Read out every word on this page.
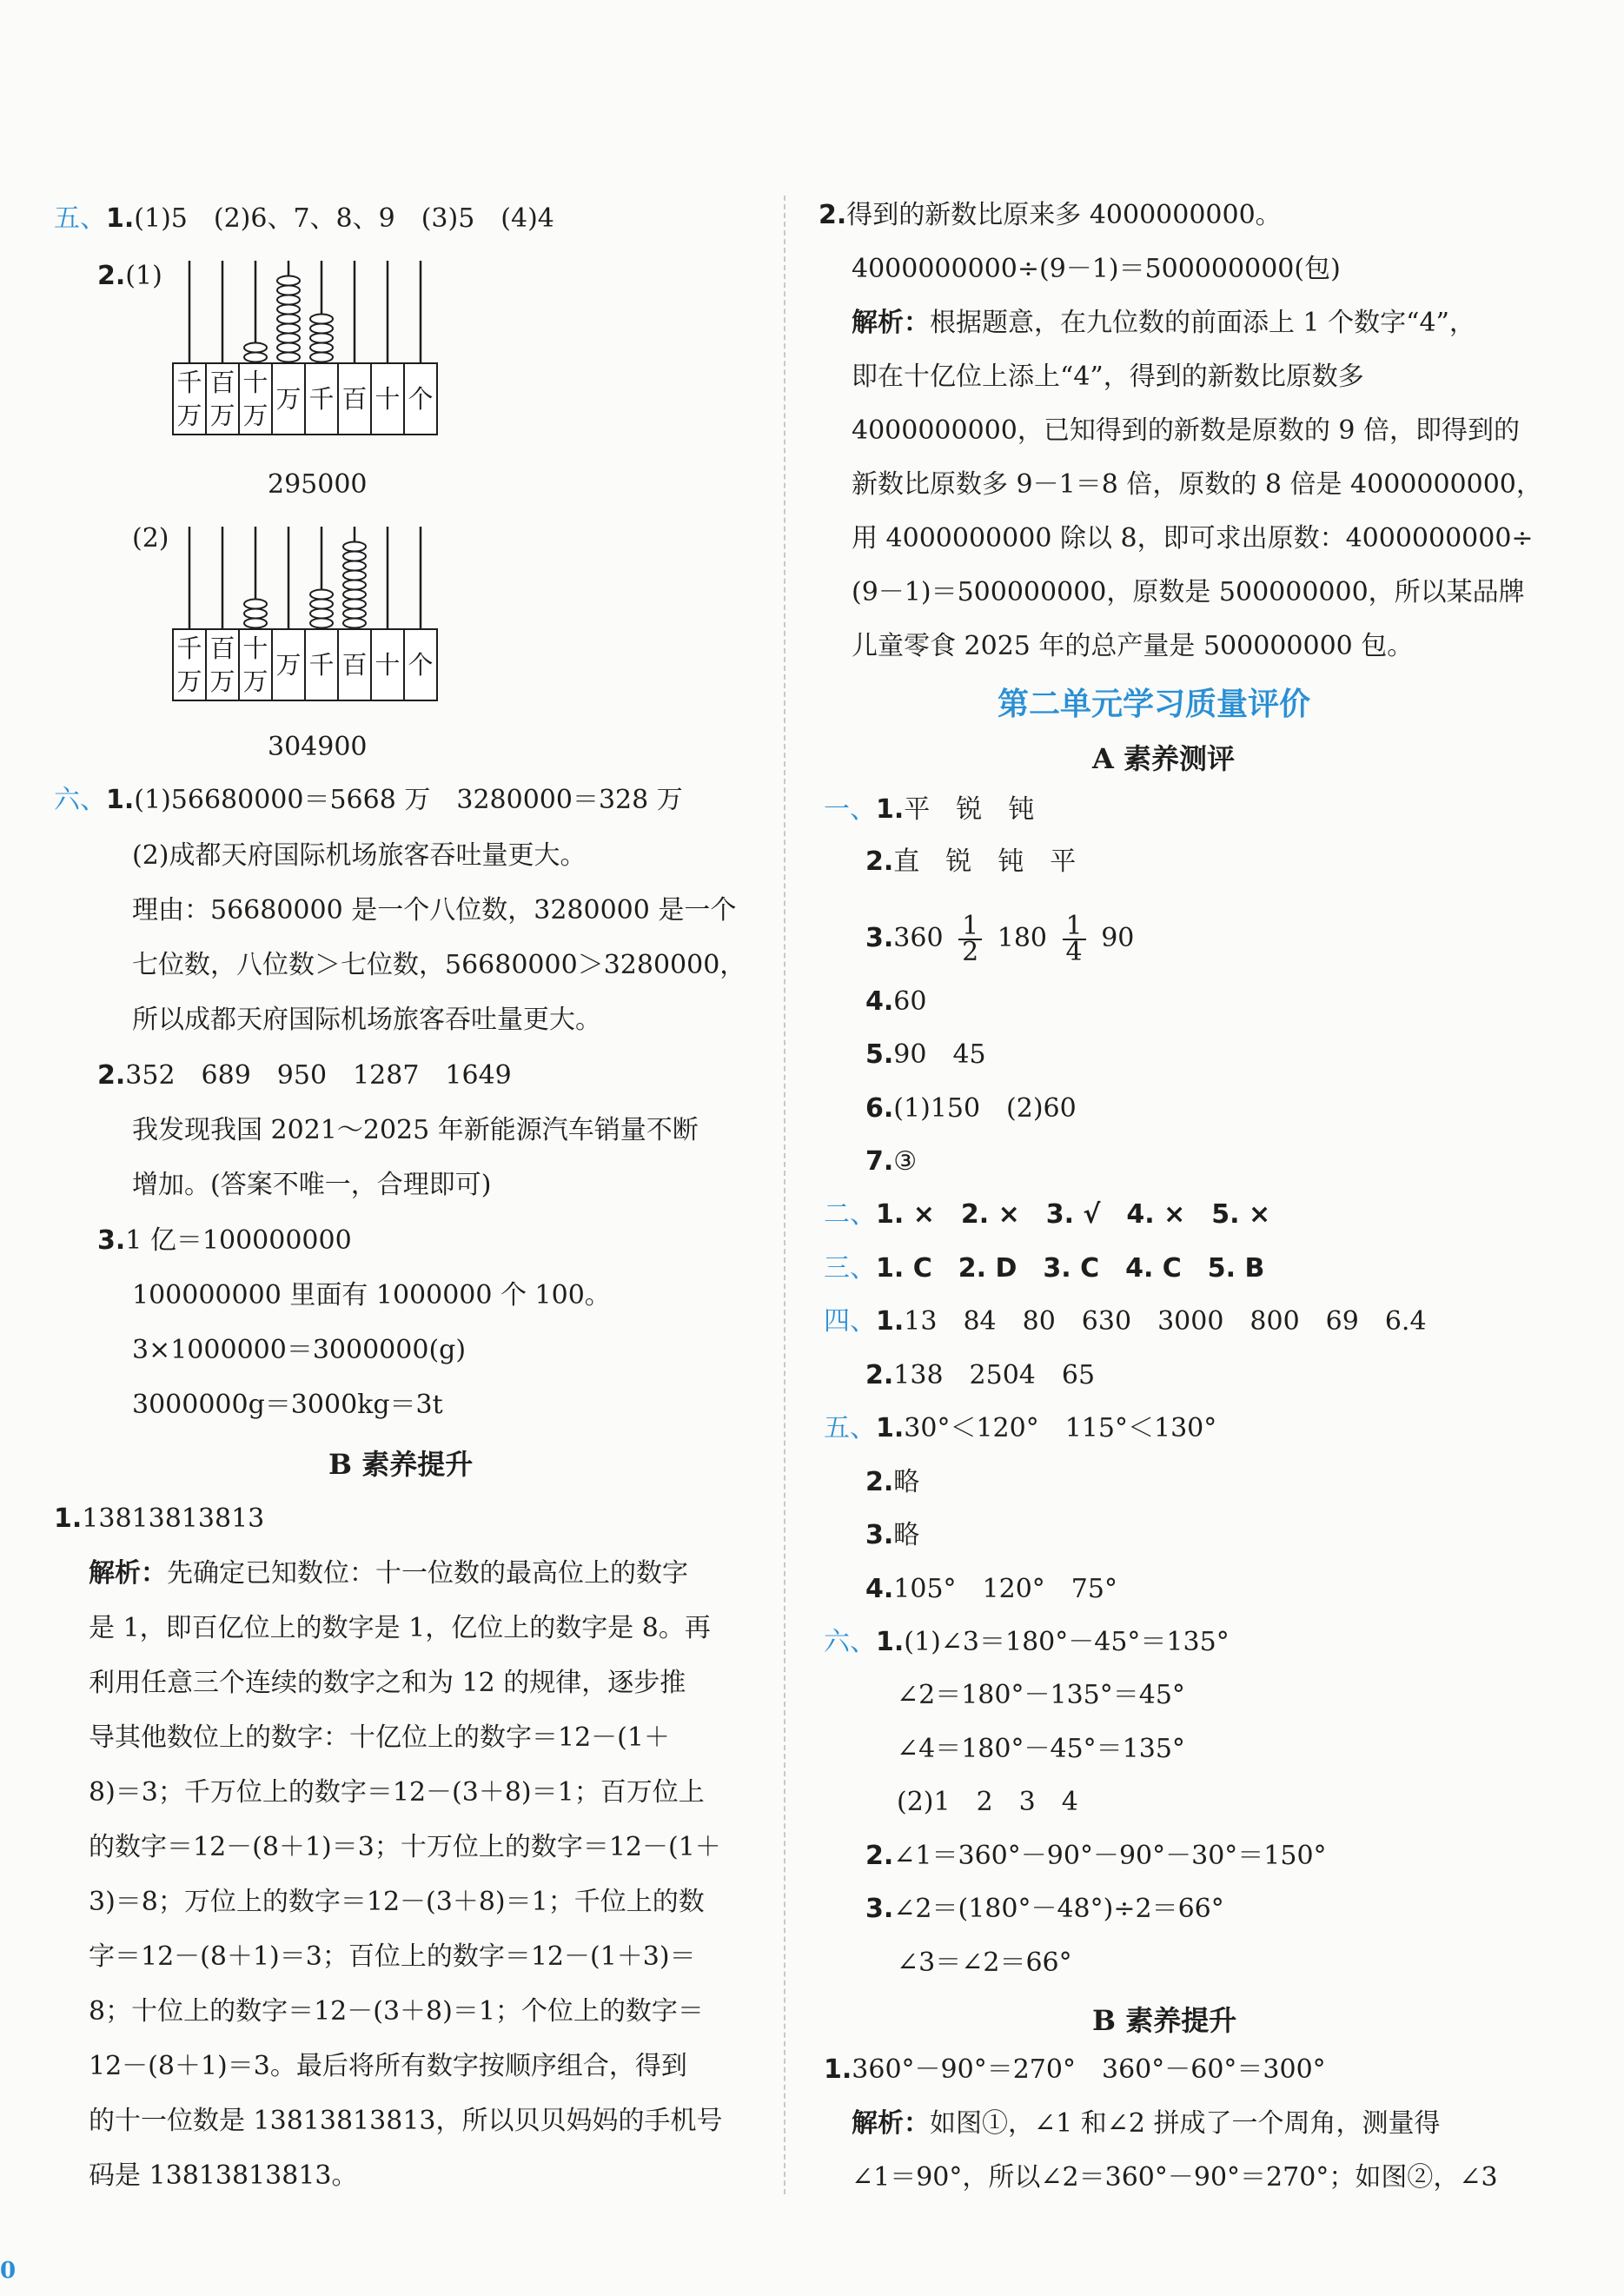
五、1.(1)5　(2)6、7、8、9　(3)5　(4)4
2.(1)
千万
百万
十万
万 千 百 十 个
295000
(2)
千万
百万
十万
万 千 百 十 个
304900
六、1.(1)56680000＝5668 万　3280000＝328 万
(2)成都天府国际机场旅客吞吐量更大。
理由：56680000 是一个八位数，3280000 是一个
七位数，八位数＞七位数，56680000＞3280000，
所以成都天府国际机场旅客吞吐量更大。
2.352　689　950　1287　1649
我发现我国 2021～2025 年新能源汽车销量不断
增加。(答案不唯一，合理即可)
3.1 亿＝100000000
100000000 里面有 1000000 个 100。
3×1000000＝3000000(g)
3000000g＝3000kg＝3t
B 素养提升
1.13813813813
解析：先确定已知数位：十一位数的最高位上的数字
是 1，即百亿位上的数字是 1，亿位上的数字是 8。再
利用任意三个连续的数字之和为 12 的规律，逐步推
导其他数位上的数字：十亿位上的数字＝12－(1＋
8)＝3；千万位上的数字＝12－(3＋8)＝1；百万位上
的数字＝12－(8＋1)＝3；十万位上的数字＝12－(1＋
3)＝8；万位上的数字＝12－(3＋8)＝1；千位上的数
字＝12－(8＋1)＝3；百位上的数字＝12－(1＋3)＝
8；十位上的数字＝12－(3＋8)＝1；个位上的数字＝
12－(8＋1)＝3。最后将所有数字按顺序组合，得到
的十一位数是 13813813813，所以贝贝妈妈的手机号
码是 13813813813。
2.得到的新数比原来多 4000000000。
4000000000÷(9－1)＝500000000(包)
解析：根据题意，在九位数的前面添上 1 个数字“4”，
即在十亿位上添上“4”，得到的新数比原数多
4000000000，已知得到的新数是原数的 9 倍，即得到的
新数比原数多 9－1＝8 倍，原数的 8 倍是 4000000000，
用 4000000000 除以 8，即可求出原数：4000000000÷
(9－1)＝500000000，原数是 500000000，所以某品牌
儿童零食 2025 年的总产量是 500000000 包。
第二单元学习质量评价
A 素养测评
一、1.平　锐　钝
2.直　锐　钝　平
$3.360 \frac{1}{2} 180 \frac{1}{4} 90$
4.60
5.90　45
6.(1)150　(2)60
7.③
二、1. ×　2. ×　3. √　4. ×　5. ×
三、1. C　2. D　3. C　4. C　5. B
四、1.13　84　80　630　3000　800　69　6.4
2.138　2504　65
五、1.30°＜120°　115°＜130°
2.略
3.略
4.105°　120°　75°
六、1.(1)∠3＝180°－45°＝135°
∠2＝180°－135°＝45°
∠4＝180°－45°＝135°
(2)1　2　3　4
2.∠1＝360°－90°－90°－30°＝150°
3.∠2＝(180°－48°)÷2＝66°
∠3＝∠2＝66°
B 素养提升
1.360°－90°＝270°　360°－60°＝300°
解析：如图①，∠1 和∠2 拼成了一个周角，测量得
∠1＝90°，所以∠2＝360°－90°＝270°；如图②，∠3
0
